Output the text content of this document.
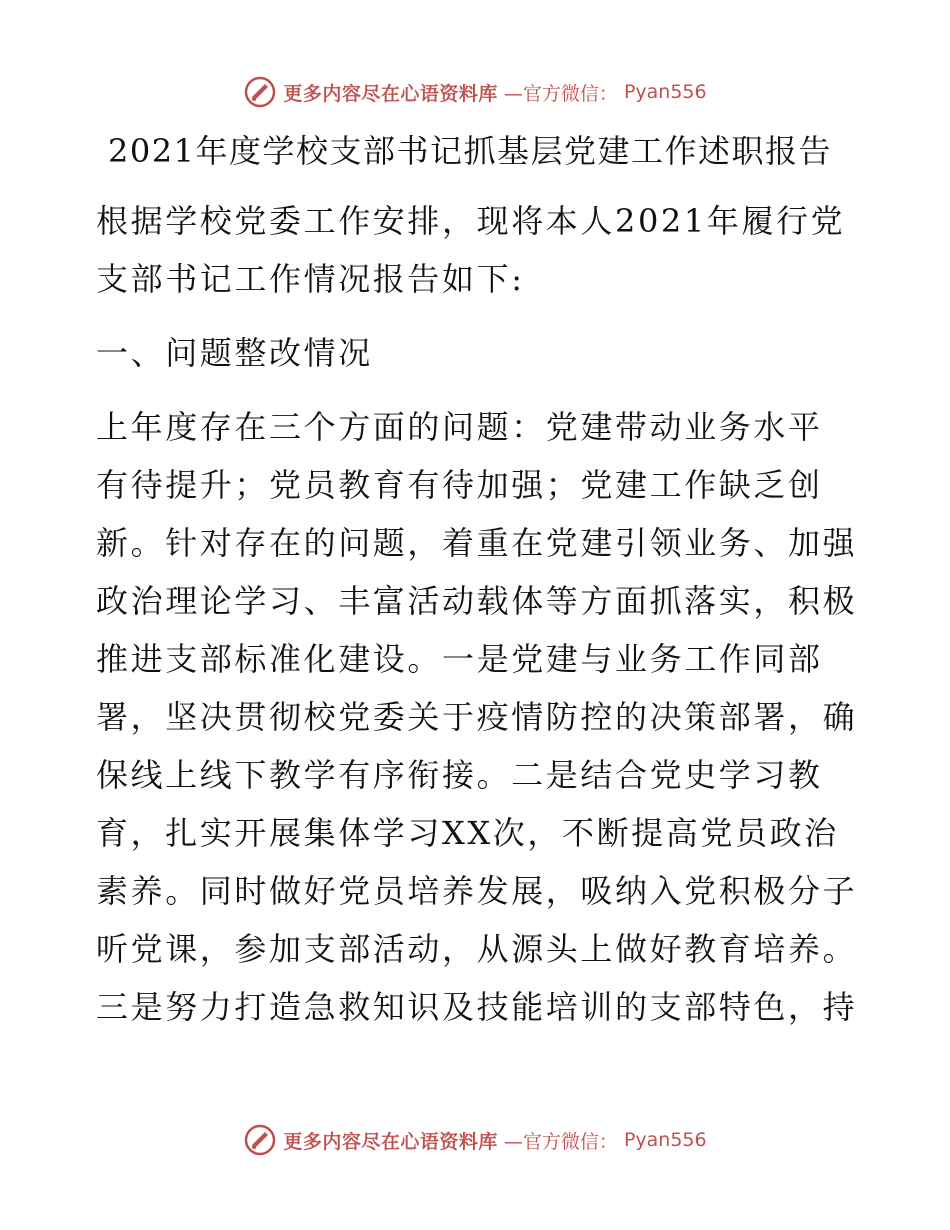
更多内容尽在心语资料库 —官方微信： Pyan556
2021年度学校支部书记抓基层党建工作述职报告
根据学校党委工作安排，现将本人2021年履行党
支部书记工作情况报告如下:
一、问题整改情况
上年度存在三个方面的问题：党建带动业务水平
有待提升；党员教育有待加强；党建工作缺乏创
新。针对存在的问题，着重在党建引领业务、加强
政治理论学习、丰富活动载体等方面抓落实，积极
推进支部标准化建设。一是党建与业务工作同部
署，坚决贯彻校党委关于疫情防控的决策部署，确
保线上线下教学有序衔接。二是结合党史学习教
育，扎实开展集体学习XX次，不断提高党员政治
素养。同时做好党员培养发展，吸纳入党积极分子
听党课，参加支部活动，从源头上做好教育培养。
三是努力打造急救知识及技能培训的支部特色，持
更多内容尽在心语资料库 —官方微信： Pyan556
